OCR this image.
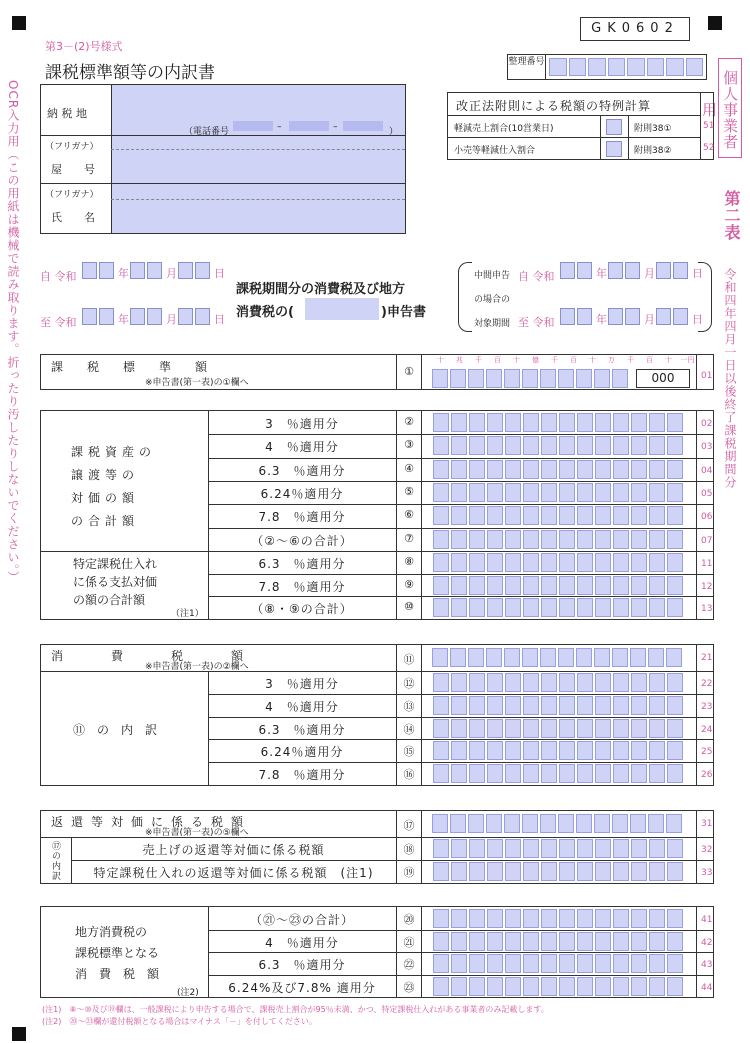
GK0602
第3－(2)号様式
課税標準額等の内訳書
整理番号
個人事業者用
第二表
令和四年四月一日以後終了課税期間分
OCR入力用（この用紙は機械で読み取ります。折ったり汚したりしないでください。） 納 税 地
（電話番号	–	–	）
（フリガナ）
屋　　号
（フリガナ）
氏　　名
改正法附則による税額の特例計算
軽減売上割合(10営業日)	附則38①	51
小売等軽減仕入割合	附則38②	52
自 令和
至 令和
年	月	日
年	月	日
課税期間分の消費税及び地方
消費税の(	)申告書
中間申告
の場合の
対象期間
自 令和
至 令和
年	月	日
年	月	日
十	兆	千	百	十	億	千	百	十	万	千	百	十	一円
課　　税　　標　　準　　額
※申告書(第一表)の①欄へ
①	01
000
課税資産の
譲渡等の
対価の額
の合計額
特定課税仕入れ
に係る支払対価
の額の合計額
（注1）
3　％適用分	②	02
4　％適用分	③	03
6.3　％適用分	④	04
6.24％適用分	⑤	05
7.8　％適用分	⑥	06
（②～⑥の合計）	⑦	07
6.3　％適用分	⑧	11
7.8　％適用分	⑨	12
（⑧・⑨の合計）	⑩	13
消　　　　費　　　　税　　　　額
※申告書(第一表)の②欄へ
⑪	21
⑪　の　内　訳
3　％適用分	⑫	22
4　％適用分	⑬	23
6.3　％適用分	⑭	24
6.24％適用分	⑮	25
7.8　％適用分	⑯	26
返還等対価に係る税額
※申告書(第一表)の⑤欄へ
⑰	31
⑰の内訳	売上げの返還等対価に係る税額	⑱	32
特定課税仕入れの返還等対価に係る税額　(注1)	⑲	33
地方消費税の
課税標準となる
消　費　税　額
(注2)
（㉑～㉓の合計）	⑳	41
4　％適用分	㉑	42
6.3　％適用分	㉒	43
6.24%及び7.8% 適用分	㉓	44
(注1)　⑧～⑩及び⑲欄は、一般課税により申告する場合で、課税売上割合が95％未満、かつ、特定課税仕入れがある事業者のみ記載します。
(注2)　⑳～㉓欄が還付税額となる場合はマイナス「－」を付してください。
